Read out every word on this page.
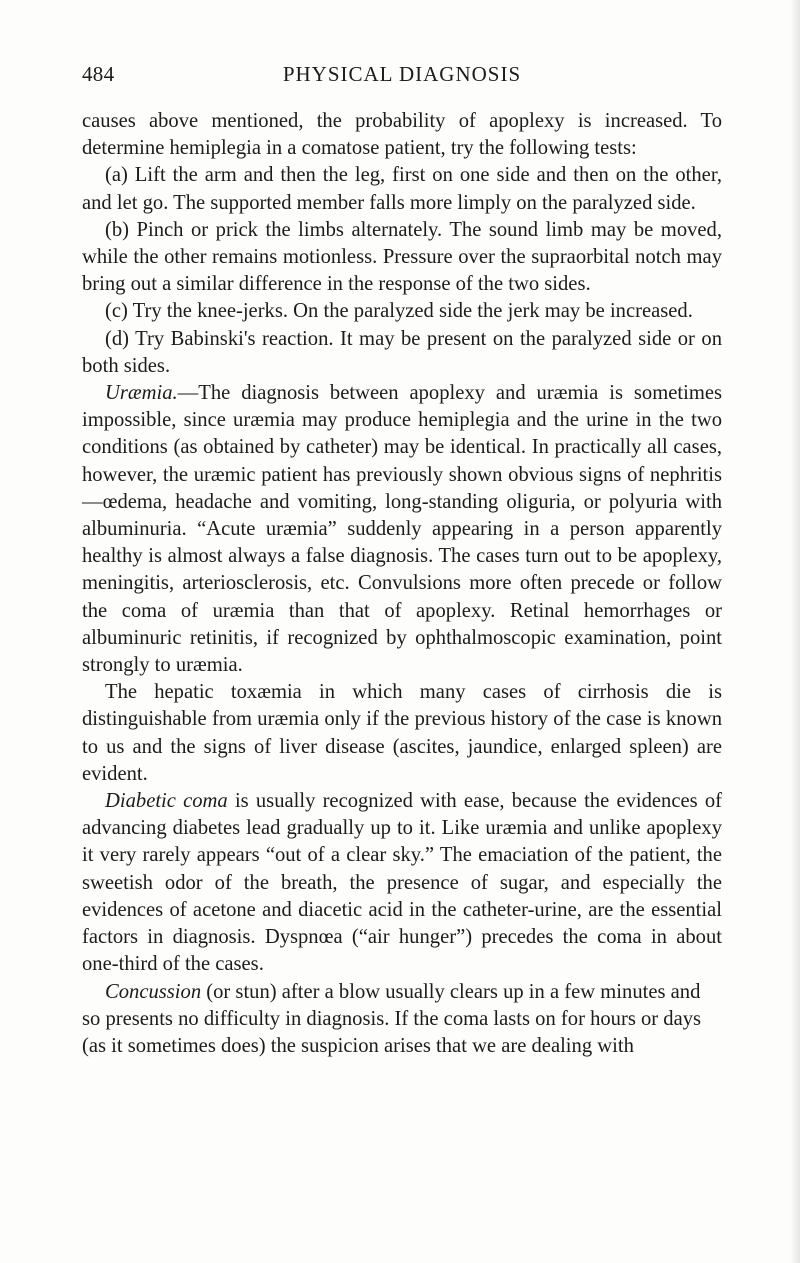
484	PHYSICAL DIAGNOSIS

causes above mentioned, the probability of apoplexy is increased. To determine hemiplegia in a comatose patient, try the following tests:

(a) Lift the arm and then the leg, first on one side and then on the other, and let go. The supported member falls more limply on the paralyzed side.

(b) Pinch or prick the limbs alternately. The sound limb may be moved, while the other remains motionless. Pressure over the supraorbital notch may bring out a similar difference in the response of the two sides.

(c) Try the knee-jerks. On the paralyzed side the jerk may be increased.

(d) Try Babinski's reaction. It may be present on the paralyzed side or on both sides.

Uræmia.—The diagnosis between apoplexy and uræmia is sometimes impossible, since uræmia may produce hemiplegia and the urine in the two conditions (as obtained by catheter) may be identical. In practically all cases, however, the uræmic patient has previously shown obvious signs of nephritis—œdema, headache and vomiting, long-standing oliguria, or polyuria with albuminuria. “Acute uræmia” suddenly appearing in a person apparently healthy is almost always a false diagnosis. The cases turn out to be apoplexy, meningitis, arteriosclerosis, etc. Convulsions more often precede or follow the coma of uræmia than that of apoplexy. Retinal hemorrhages or albuminuric retinitis, if recognized by ophthalmoscopic examination, point strongly to uræmia.

The hepatic toxæmia in which many cases of cirrhosis die is distinguishable from uræmia only if the previous history of the case is known to us and the signs of liver disease (ascites, jaundice, enlarged spleen) are evident.

Diabetic coma is usually recognized with ease, because the evidences of advancing diabetes lead gradually up to it. Like uræmia and unlike apoplexy it very rarely appears “out of a clear sky.” The emaciation of the patient, the sweetish odor of the breath, the presence of sugar, and especially the evidences of acetone and diacetic acid in the catheter-urine, are the essential factors in diagnosis. Dyspnœa (“air hunger”) precedes the coma in about one-third of the cases.

Concussion (or stun) after a blow usually clears up in a few minutes and so presents no difficulty in diagnosis. If the coma lasts on for hours or days (as it sometimes does) the suspicion arises that we are dealing with
